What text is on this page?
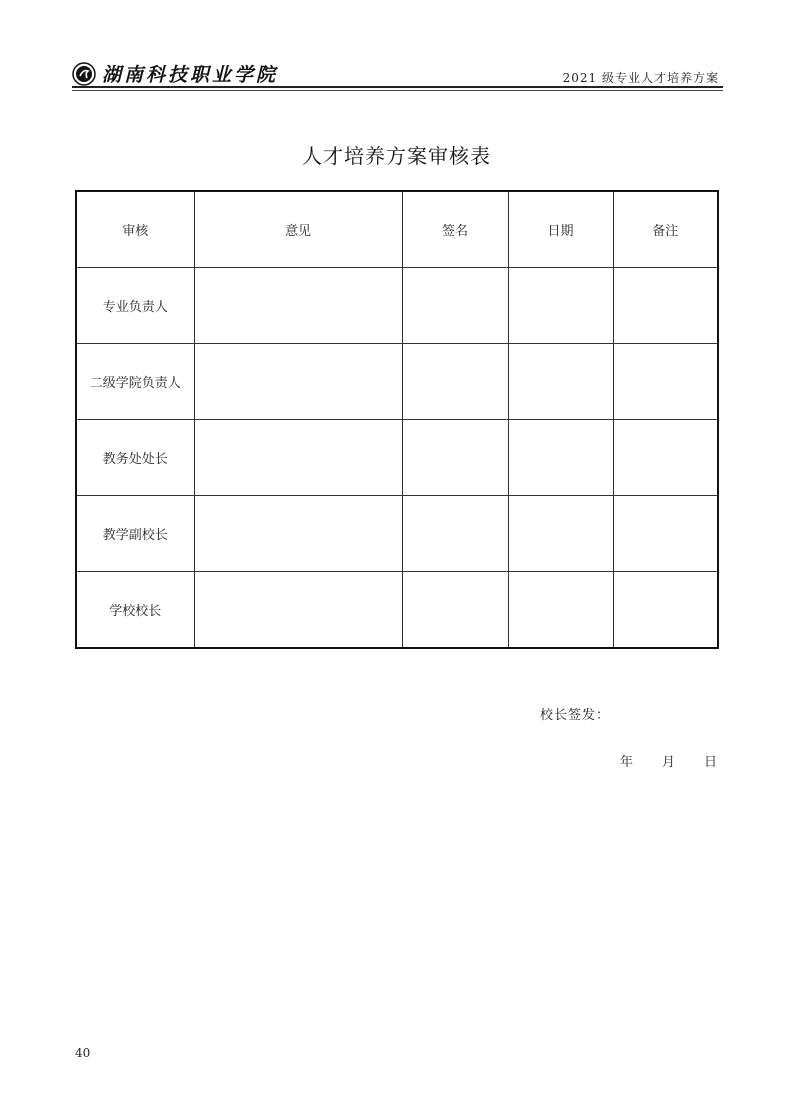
湖南科技职业学院	2021 级专业人才培养方案
人才培养方案审核表
审核	意见	签名	日期	备注
专业负责人				
二级学院负责人				
教务处处长				
教学副校长				
学校校长				
校长签发：
年 月 日
40
